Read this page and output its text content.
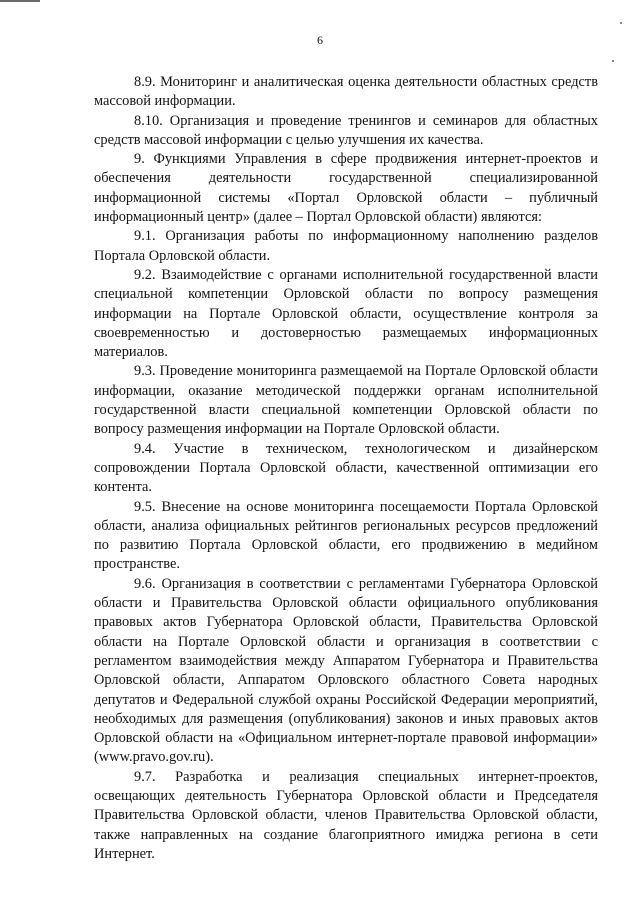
6

8.9. Мониторинг и аналитическая оценка деятельности областных средств массовой информации.

8.10. Организация и проведение тренингов и семинаров для областных средств массовой информации с целью улучшения их качества.

9. Функциями Управления в сфере продвижения интернет-проектов и обеспечения деятельности государственной специализированной информационной системы «Портал Орловской области – публичный информационный центр» (далее – Портал Орловской области) являются:

9.1. Организация работы по информационному наполнению разделов Портала Орловской области.

9.2. Взаимодействие с органами исполнительной государственной власти специальной компетенции Орловской области по вопросу размещения информации на Портале Орловской области, осуществление контроля за своевременностью и достоверностью размещаемых информационных материалов.

9.3. Проведение мониторинга размещаемой на Портале Орловской области информации, оказание методической поддержки органам исполнительной государственной власти специальной компетенции Орловской области по вопросу размещения информации на Портале Орловской области.

9.4. Участие в техническом, технологическом и дизайнерском сопровождении Портала Орловской области, качественной оптимизации его контента.

9.5. Внесение на основе мониторинга посещаемости Портала Орловской области, анализа официальных рейтингов региональных ресурсов предложений по развитию Портала Орловской области, его продвижению в медийном пространстве.

9.6. Организация в соответствии с регламентами Губернатора Орловской области и Правительства Орловской области официального опубликования правовых актов Губернатора Орловской области, Правительства Орловской области на Портале Орловской области и организация в соответствии с регламентом взаимодействия между Аппаратом Губернатора и Правительства Орловской области, Аппаратом Орловского областного Совета народных депутатов и Федеральной службой охраны Российской Федерации мероприятий, необходимых для размещения (опубликования) законов и иных правовых актов Орловской области на «Официальном интернет-портале правовой информации» (www.pravo.gov.ru).

9.7. Разработка и реализация специальных интернет-проектов, освещающих деятельность Губернатора Орловской области и Председателя Правительства Орловской области, членов Правительства Орловской области, также направленных на создание благоприятного имиджа региона в сети Интернет.
